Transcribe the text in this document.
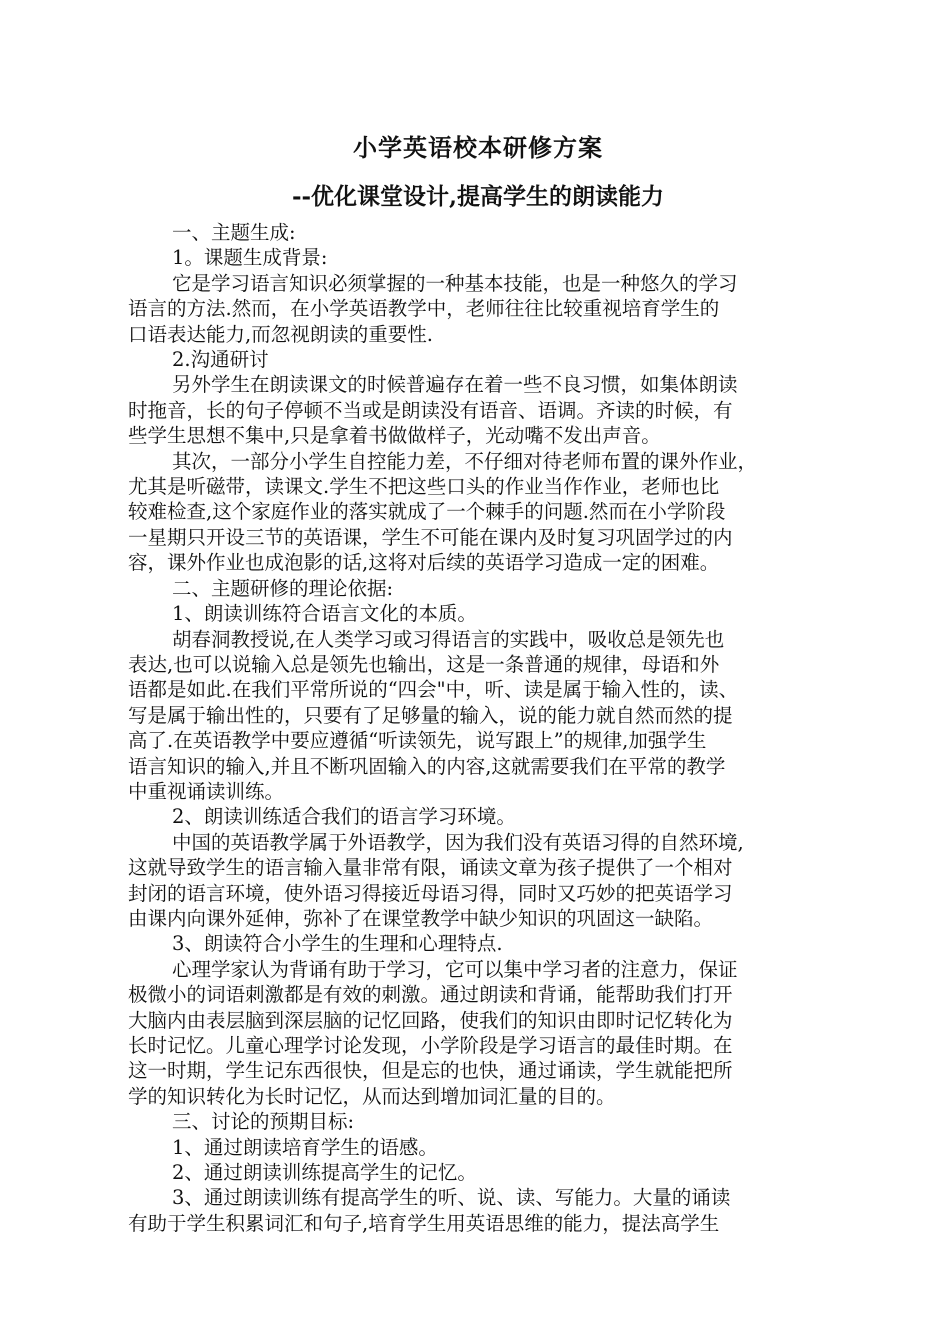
小学英语校本研修方案
--优化课堂设计,提高学生的朗读能力

一、主题生成:

1。课题生成背景:

它是学习语言知识必须掌握的一种基本技能，也是一种悠久的学习

语言的方法.然而，在小学英语教学中，老师往往比较重视培育学生的

口语表达能力,而忽视朗读的重要性.

2.沟通研讨

另外学生在朗读课文的时候普遍存在着一些不良习惯，如集体朗读

时拖音，长的句子停顿不当或是朗读没有语音、语调。齐读的时候，有

些学生思想不集中,只是拿着书做做样子，光动嘴不发出声音。

其次，一部分小学生自控能力差，不仔细对待老师布置的课外作业，

尤其是听磁带，读课文.学生不把这些口头的作业当作作业，老师也比

较难检查,这个家庭作业的落实就成了一个棘手的问题.然而在小学阶段

一星期只开设三节的英语课，学生不可能在课内及时复习巩固学过的内

容，课外作业也成泡影的话,这将对后续的英语学习造成一定的困难。

二、主题研修的理论依据:

1、朗读训练符合语言文化的本质。

胡春洞教授说,在人类学习或习得语言的实践中，吸收总是领先也

表达,也可以说输入总是领先也输出，这是一条普通的规律，母语和外

语都是如此.在我们平常所说的“四会"中，听、读是属于输入性的，读、

写是属于输出性的，只要有了足够量的输入，说的能力就自然而然的提

高了.在英语教学中要应遵循“听读领先，说写跟上”的规律,加强学生

语言知识的输入,并且不断巩固输入的内容,这就需要我们在平常的教学

中重视诵读训练。

2、朗读训练适合我们的语言学习环境。

中国的英语教学属于外语教学，因为我们没有英语习得的自然环境,

这就导致学生的语言输入量非常有限，诵读文章为孩子提供了一个相对

封闭的语言环境，使外语习得接近母语习得，同时又巧妙的把英语学习

由课内向课外延伸，弥补了在课堂教学中缺少知识的巩固这一缺陷。

3、朗读符合小学生的生理和心理特点.

心理学家认为背诵有助于学习，它可以集中学习者的注意力，保证

极微小的词语刺激都是有效的刺激。通过朗读和背诵，能帮助我们打开

大脑内由表层脑到深层脑的记忆回路，使我们的知识由即时记忆转化为

长时记忆。儿童心理学讨论发现，小学阶段是学习语言的最佳时期。在

这一时期，学生记东西很快，但是忘的也快，通过诵读，学生就能把所

学的知识转化为长时记忆，从而达到增加词汇量的目的。

三、讨论的预期目标:

1、通过朗读培育学生的语感。

2、通过朗读训练提高学生的记忆。

3、通过朗读训练有提高学生的听、说、读、写能力。大量的诵读

有助于学生积累词汇和句子,培育学生用英语思维的能力，提法高学生
